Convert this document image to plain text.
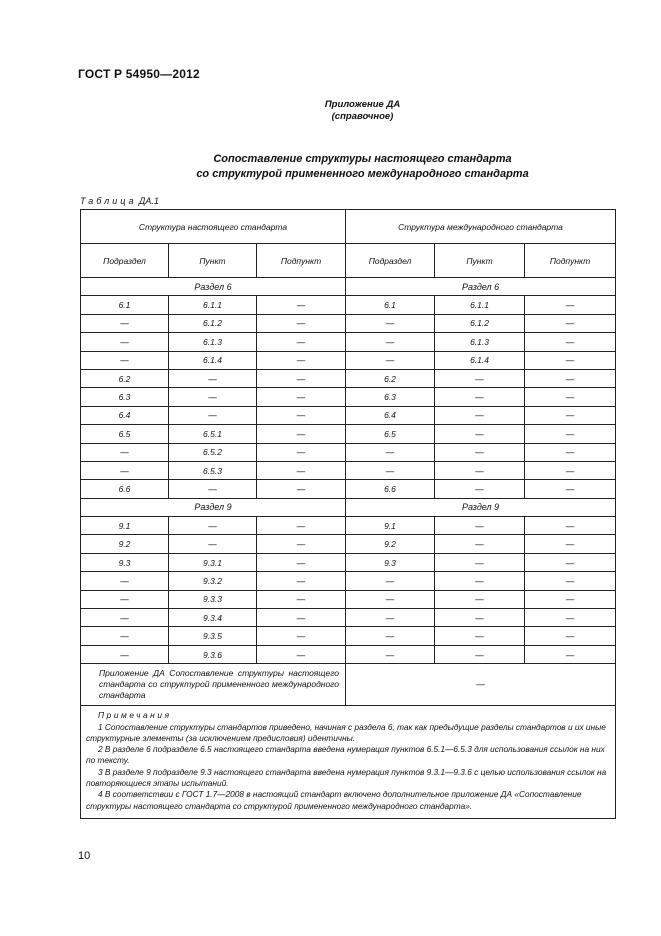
ГОСТ Р 54950—2012
Приложение ДА
(справочное)
Сопоставление структуры настоящего стандарта
со структурой примененного международного стандарта
Таблица ДА.1
Структура настоящего стандарта			Структура международного стандарта		
Подраздел	Пункт	Подпункт	Подраздел	Пункт	Подпункт
Раздел 6			Раздел 6		
6.1	6.1.1	—	6.1	6.1.1	—
—	6.1.2	—	—	6.1.2	—
—	6.1.3	—	—	6.1.3	—
—	6.1.4	—	—	6.1.4	—
6.2	—	—	6.2	—	—
6.3	—	—	6.3	—	—
6.4	—	—	6.4	—	—
6.5	6.5.1	—	6.5	—	—
—	6.5.2	—	—	—	—
—	6.5.3	—	—	—	—
6.6	—	—	6.6	—	—
Раздел 9			Раздел 9		
9.1	—	—	9.1	—	—
9.2	—	—	9.2	—	—
9.3	9.3.1	—	9.3	—	—
—	9.3.2	—	—	—	—
—	9.3.3	—	—	—	—
—	9.3.4	—	—	—	—
—	9.3.5	—	—	—	—
—	9.3.6	—	—	—	—
Приложение ДА Сопоставление структуры настоящего стандарта со структурой примененного международного стандарта			—		

Примечания
1 Сопоставление структуры стандартов приведено, начиная с раздела 6, так как предыдущие разделы стандартов и их иные структурные элементы (за исключением предисловия) идентичны.
2 В разделе 6 подразделе 6.5 настоящего стандарта введена нумерация пунктов 6.5.1—6.5.3 для использования ссылок на них по тексту.
3 В разделе 9 подразделе 9.3 настоящего стандарта введена нумерация пунктов 9.3.1—9.3.6 с целью использования ссылок на повторяющиеся этапы испытаний.
4 В соответствии с ГОСТ 1.7—2008 в настоящий стандарт включено дополнительное приложение ДА «Сопоставление структуры настоящего стандарта со структурой примененного международного стандарта».					
10
